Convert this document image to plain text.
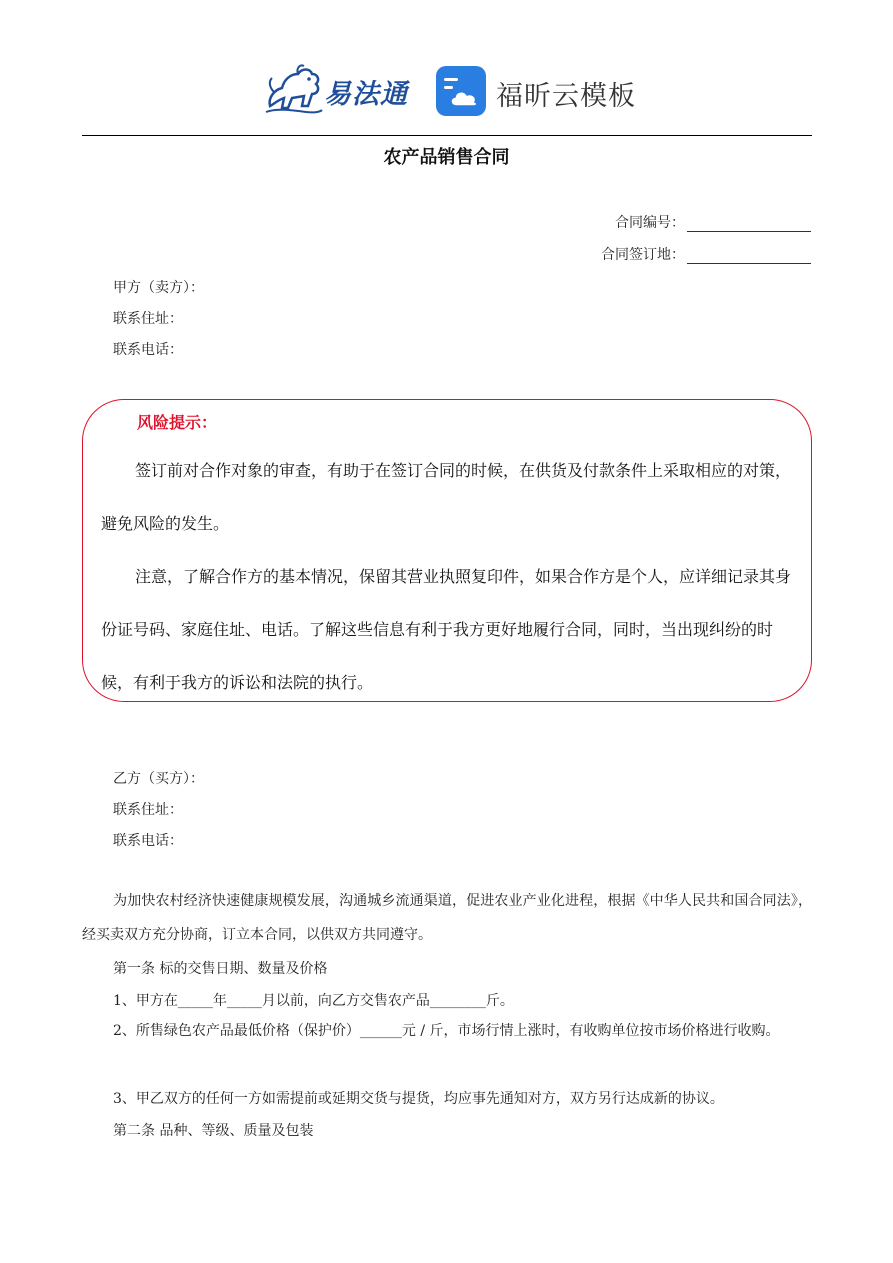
易法通	福昕云模板
农产品销售合同
合同编号：
合同签订地：
甲方（卖方）：
联系住址：
联系电话：
风险提示：
签订前对合作对象的审查，有助于在签订合同的时候，在供货及付款条件上采取相应的对策，避免风险的发生。
注意，了解合作方的基本情况，保留其营业执照复印件，如果合作方是个人，应详细记录其身份证号码、家庭住址、电话。了解这些信息有利于我方更好地履行合同，同时，当出现纠纷的时候，有利于我方的诉讼和法院的执行。
乙方（买方）：
联系住址：
联系电话：
为加快农村经济快速健康规模发展，沟通城乡流通渠道，促进农业产业化进程，根据《中华人民共和国合同法》，经买卖双方充分协商，订立本合同，以供双方共同遵守。
第一条 标的交售日期、数量及价格
1、甲方在_____年_____月以前，向乙方交售农产品________斤。
2、所售绿色农产品最低价格（保护价）______元 / 斤，市场行情上涨时，有收购单位按市场价格进行收购。
3、甲乙双方的任何一方如需提前或延期交货与提货，均应事先通知对方，双方另行达成新的协议。
第二条 品种、等级、质量及包装
